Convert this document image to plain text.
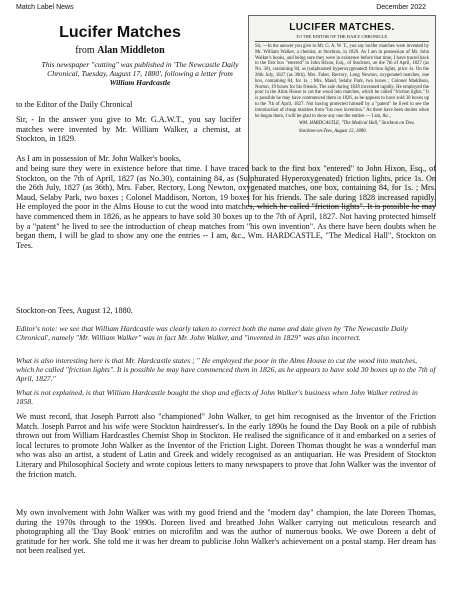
Match Label News	December 2022
Lucifer Matches
from Alan Middleton
This newspaper "cutting" was published in 'The Newcastle Daily Chronical, Tuesday, August 17, 1880', following a letter from William Hardcastle
LUCIFER MATCHES.
TO THE EDITOR OF THE DAILY CHRONICLE.
Sir, —In the answer you give to Mr. G. A. W. T., you say lucifer matches were invented by Mr. William Walker, a chemist, at Stockton, in 1829. As I am in possession of Mr. John Walker's books, and being sure they were in existence before that time, I have traced back to the first box "entered" to John Hixon, Esq., of Stockton, on the 7th of April, 1827 (as No. 30), containing 84, as (sulphurated hyperoxygenated) friction lights, price 1s. On the 26th July, 1827 (as 36th), Mrs. Faber, Rectory, Long Newton, oxygenated matches, one box, containing 84, for 1s. ; Mrs. Maud, Selaby Park, two boxes ; Colonel Maddison, Norton, 19 boxes for his friends. The sale during 1828 increased rapidly. He employed the poor in the Alms House to cut the wood into matches, which he called "friction lights." It is possible he may have commenced them in 1826, as he appears to have sold 30 boxes up to the 7th of April, 1827. Not having protected himself by a "patent" he lived to see the introduction of cheap matches from "his own invention." As there have been doubts when he began them, I will be glad to show any one the entries — I am, &c.,
WM. HARDCASTLE, "The Medical Hall," Stockton on Tees.
Stockton-on-Tees, August 12, 1880.
to the Editor of the Daily Chronical
Sir, - In the answer you give to Mr. G.A.W.T., you say lucifer matches were invented by Mr. William Walker, a chemist, at Stockton, in 1829.
As I am in possession of Mr. John Walker's books,
and being sure they were in existence before that time. I have traced back to the first box "entered" to John Hixon, Esq., of Stockton, on the 7th of April, 1827 (as No.30), containing 84, as (Sulphurated Hyperoxygenated) friction lights, price 1s. On the 26th July, 1827 (as 36th), Mrs. Faber, Rectory, Long Newton, oxygenated matches, one box, containing 84, for 1s. ; Mrs. Maud, Selaby Park, two boxes ; Colonel Maddison, Norton, 19 boxes for his friends. The sale during 1828 increased rapidly. He employed the poor in the Alms House to cut the wood into matches, which he called "friction lights". It is possible he may have commenced them in 1826, as he appears to have sold 30 boxes up to the 7th of April, 1827. Not having protected himself by a "patent" he lived to see the introduction of cheap matches from "his own invention". As there have been doubts when he began them, I will be glad to show any one the entries -- I am, &c., Wm. HARDCASTLE, "The Medical Hall", Stockton on Tees.
Stockton-on Tees, August 12, 1880.
Editor's note: we see that William Hardcastle was clearly taken to correct both the name and date given by 'The Newcastle Daily Chronical', namely "Mr. William Walker" was in fact Mr. John Walker, and "invented in 1829" was also incorrect.
What is also interesting here is that Mr. Hardcastle states ; " He employed the poor in the Alms House to cut the wood into matches, which he called "friction lights". It is possible he may have commenced them in 1826, as he appears to have sold 30 boxes up to the 7th of April, 1827."
What is not explained, is that William Hardcastle bought the shop and effects of John Walker's business when John Walker retired in 1858.
We must record, that Joseph Parrott also "championed" John Walker, to get him recognised as the Inventor of the Friction Match. Joseph Parrot and his wife were Stockton hairdresser's. In the early 1890s he found the Day Book on a pile of rubbish thrown out from William Hardcastles Chemist Shop in Stockton. He realised the significance of it and embarked on a series of local lectures to promote John Walker as the Inventor of the Friction Light. Doreen Thomas thought he was a wonderful man who was also an artist, a student of Latin and Greek and widely recognised as an antiquarian. He was President of Stockton Literary and Philosophical Society and wrote copious letters to many newspapers to prove that John Walker was the inventor of the friction match.
My own involvement with John Walker was with my good friend and the "modern day" champion, the late Doreen Thomas, during the 1970s through to the 1990s. Doreen lived and breathed John Walker carrying out meticulous research and photographing all the 'Day Book' entries on microfilm and was the author of numerous books. We owe Doreen a debt of gratitude for her work. She told me it was her dream to publicise John Walker's achievement on a postal stamp. Her dream has not been realised yet.
